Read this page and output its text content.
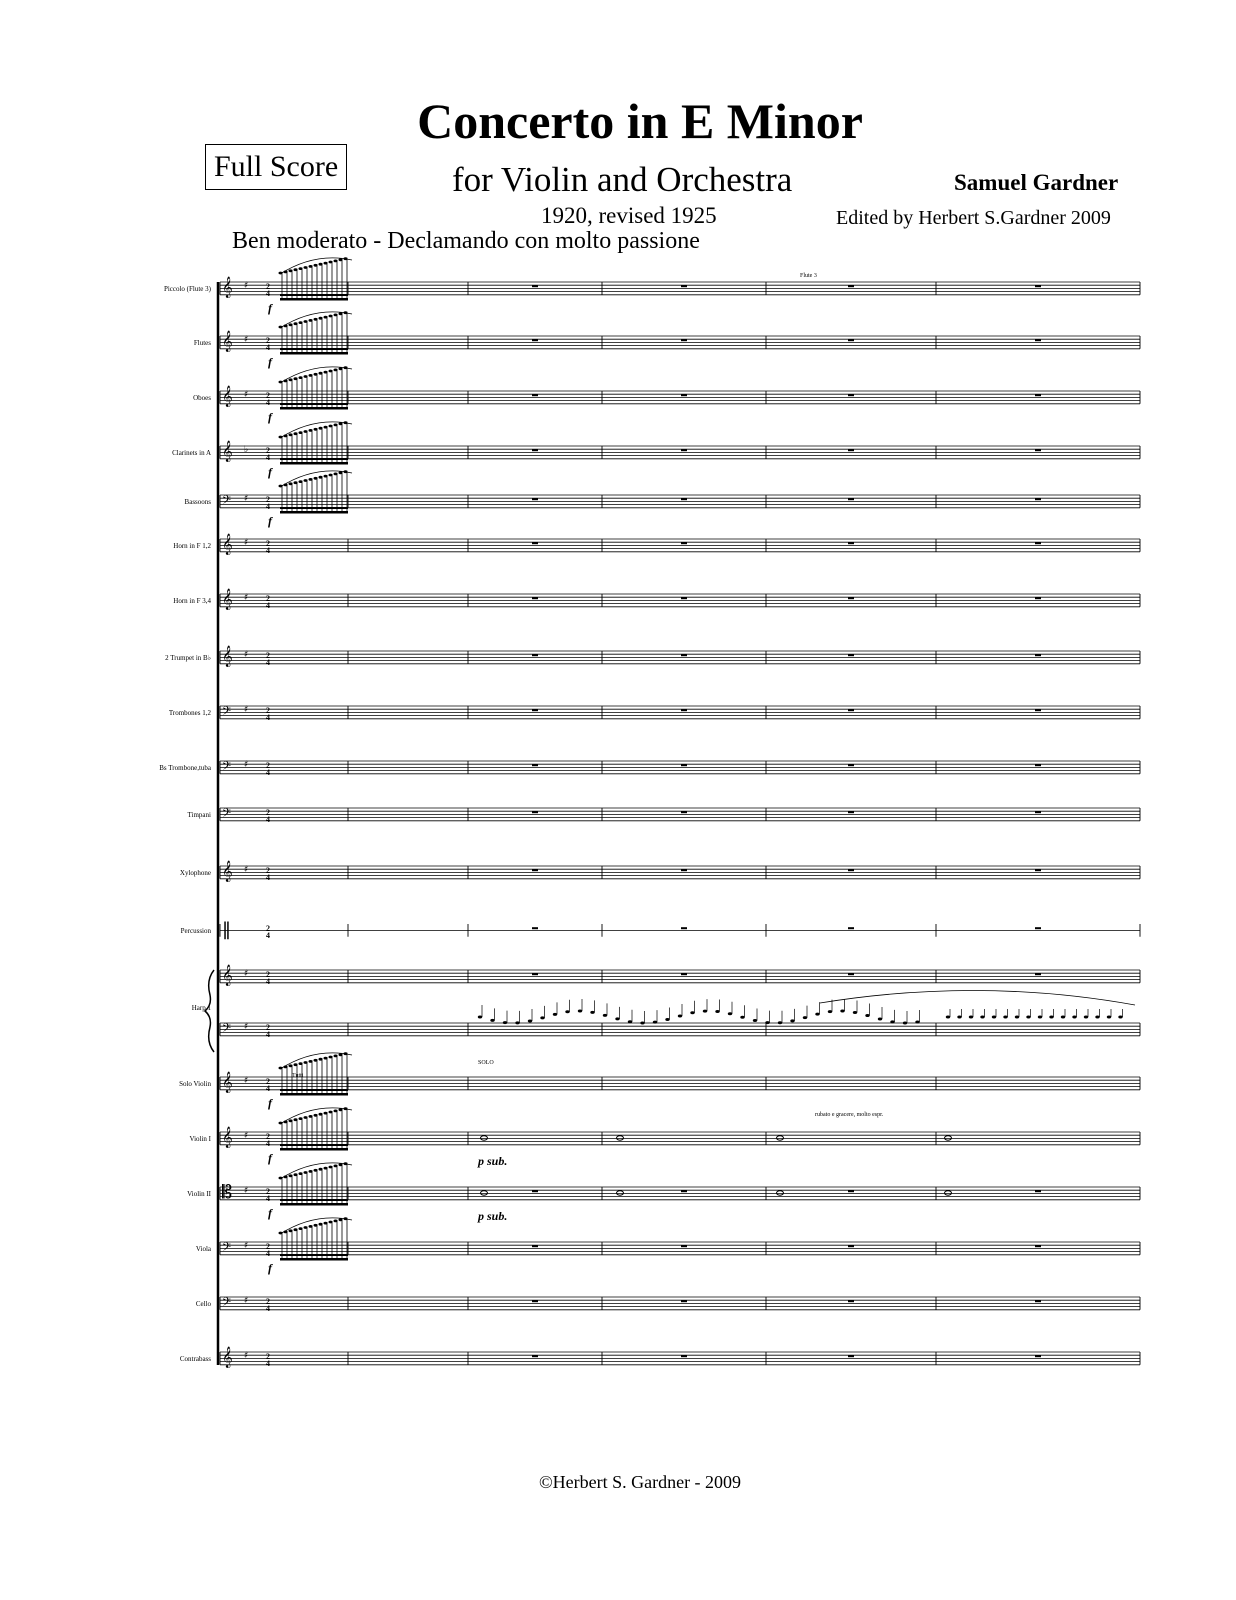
Concerto in E Minor
Full Score	for Violin and Orchestra	Samuel Gardner
1920, revised 1925	Edited by Herbert S.Gardner 2009
Ben moderato - Declamando con molto passione
𝄞	2
4
♯
𝄞	2
4
♯
𝄞	2
4
♯
𝄞	2
4
♭
𝄢	2
4
♯
𝄞	2
4
♯
𝄞	2
4
♯
𝄞	2
4
♯
𝄢	2
4
♯
𝄢	2
4
♯
𝄢	2
4
𝄞	2
4
♯
‖	2
4
𝄞	2
4
♯
𝄢	2
4
♯
𝄞	2
4
♯
𝄞	2
4
♯
𝄡	2
4
♯
𝄢	2
4
♯
𝄢	2
4
♯
𝄞	2
4
♯
Piccolo (Flute 3)
Flutes
Oboes
Clarinets in A
Bassoons
Horn in F 1,2
Horn in F 3,4
2 Trumpet in B♭
Trombones 1,2
Bs Trombone,tuba
Timpani
Xylophone
Percussion
Harp 1
Solo Violin
Violin I
Violin II
Viola
Cello
Contrabass
f
f
f
f
f
f
f
f
f
Tutti
SOLO
Flute 3
rubato e gracere, molto espr.
p sub.
p sub.
©Herbert S. Gardner - 2009
